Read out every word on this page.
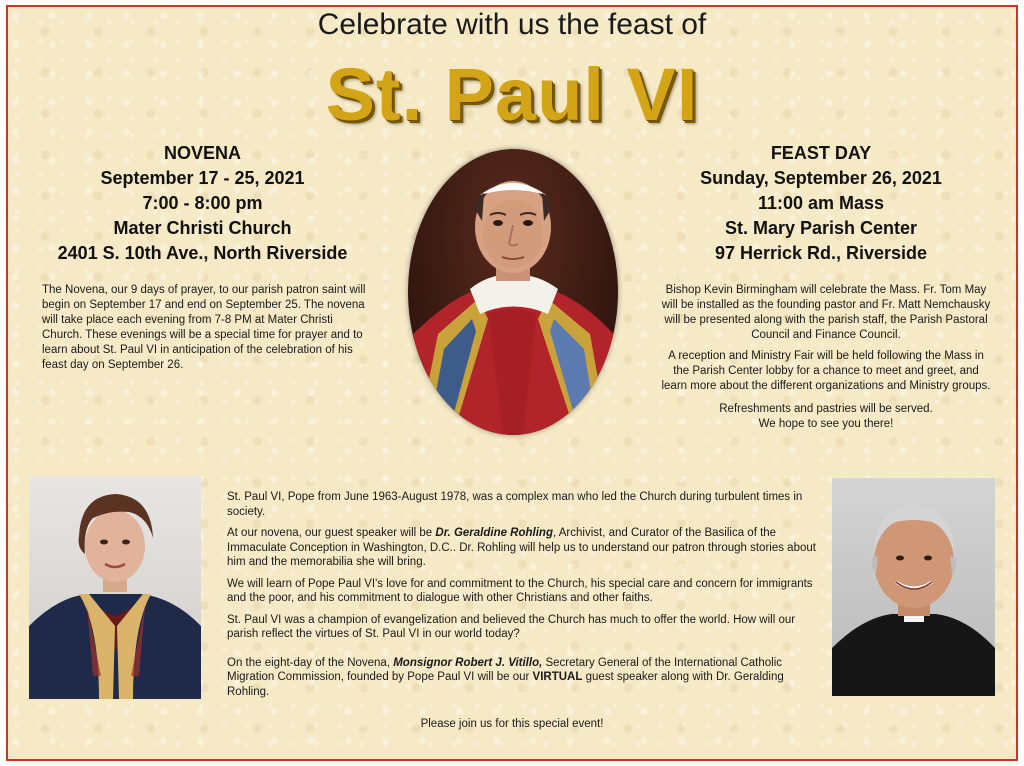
Celebrate with us the feast of
St. Paul VI
NOVENA
September 17 - 25, 2021
7:00 - 8:00 pm
Mater Christi Church
2401 S. 10th Ave., North Riverside

The Novena, our 9 days of prayer, to our parish patron saint will begin on September 17 and end on September 25. The novena will take place each evening from 7-8 PM at Mater Christi Church. These evenings will be a special time for prayer and to learn about St. Paul VI in anticipation of the celebration of his feast day on September 26.

FEAST DAY
Sunday, September 26, 2021
11:00 am Mass
St. Mary Parish Center
97 Herrick Rd., Riverside

Bishop Kevin Birmingham will celebrate the Mass. Fr. Tom May will be installed as the founding pastor and Fr. Matt Nemchausky will be presented along with the parish staff, the Parish Pastoral Council and Finance Council.

A reception and Ministry Fair will be held following the Mass in the Parish Center lobby for a chance to meet and greet, and learn more about the different organizations and Ministry groups.

Refreshments and pastries will be served.
We hope to see you there!

St. Paul VI, Pope from June 1963-August 1978, was a complex man who led the Church during turbulent times in society.

At our novena, our guest speaker will be Dr. Geraldine Rohling, Archivist, and Curator of the Basilica of the Immaculate Conception in Washington, D.C.. Dr. Rohling will help us to understand our patron through stories about him and the memorabilia she will bring.

We will learn of Pope Paul VI's love for and commitment to the Church, his special care and concern for immigrants and the poor, and his commitment to dialogue with other Christians and other faiths.

St. Paul VI was a champion of evangelization and believed the Church has much to offer the world. How will our parish reflect the virtues of St. Paul VI in our world today?

On the eight-day of the Novena, Monsignor Robert J. Vitillo, Secretary General of the International Catholic Migration Commission, founded by Pope Paul VI will be our VIRTUAL guest speaker along with Dr. Geralding Rohling.

Please join us for this special event!
